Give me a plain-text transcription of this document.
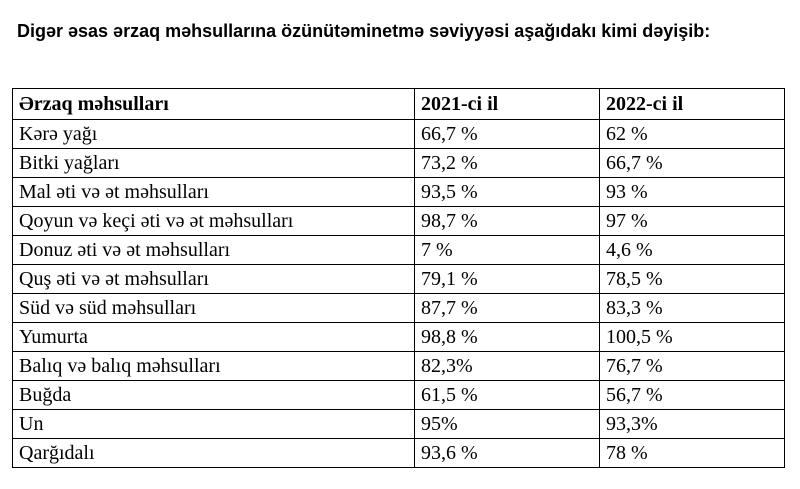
Digər əsas ərzaq məhsullarına özünütəminetmə səviyyəsi aşağıdakı kimi dəyişib:

Ərzaq məhsulları	2021-ci il	2022-ci il
Kərə yağı	66,7 %	62 %
Bitki yağları	73,2 %	66,7 %
Mal əti və ət məhsulları	93,5 %	93 %
Qoyun və keçi əti və ət məhsulları	98,7 %	97 %
Donuz əti və ət məhsulları	7 %	4,6 %
Quş əti və ət məhsulları	79,1 %	78,5 %
Süd və süd məhsulları	87,7 %	83,3 %
Yumurta	98,8 %	100,5 %
Balıq və balıq məhsulları	82,3%	76,7 %
Buğda	61,5 %	56,7 %
Un	95%	93,3%
Qarğıdalı	93,6 %	78 %
